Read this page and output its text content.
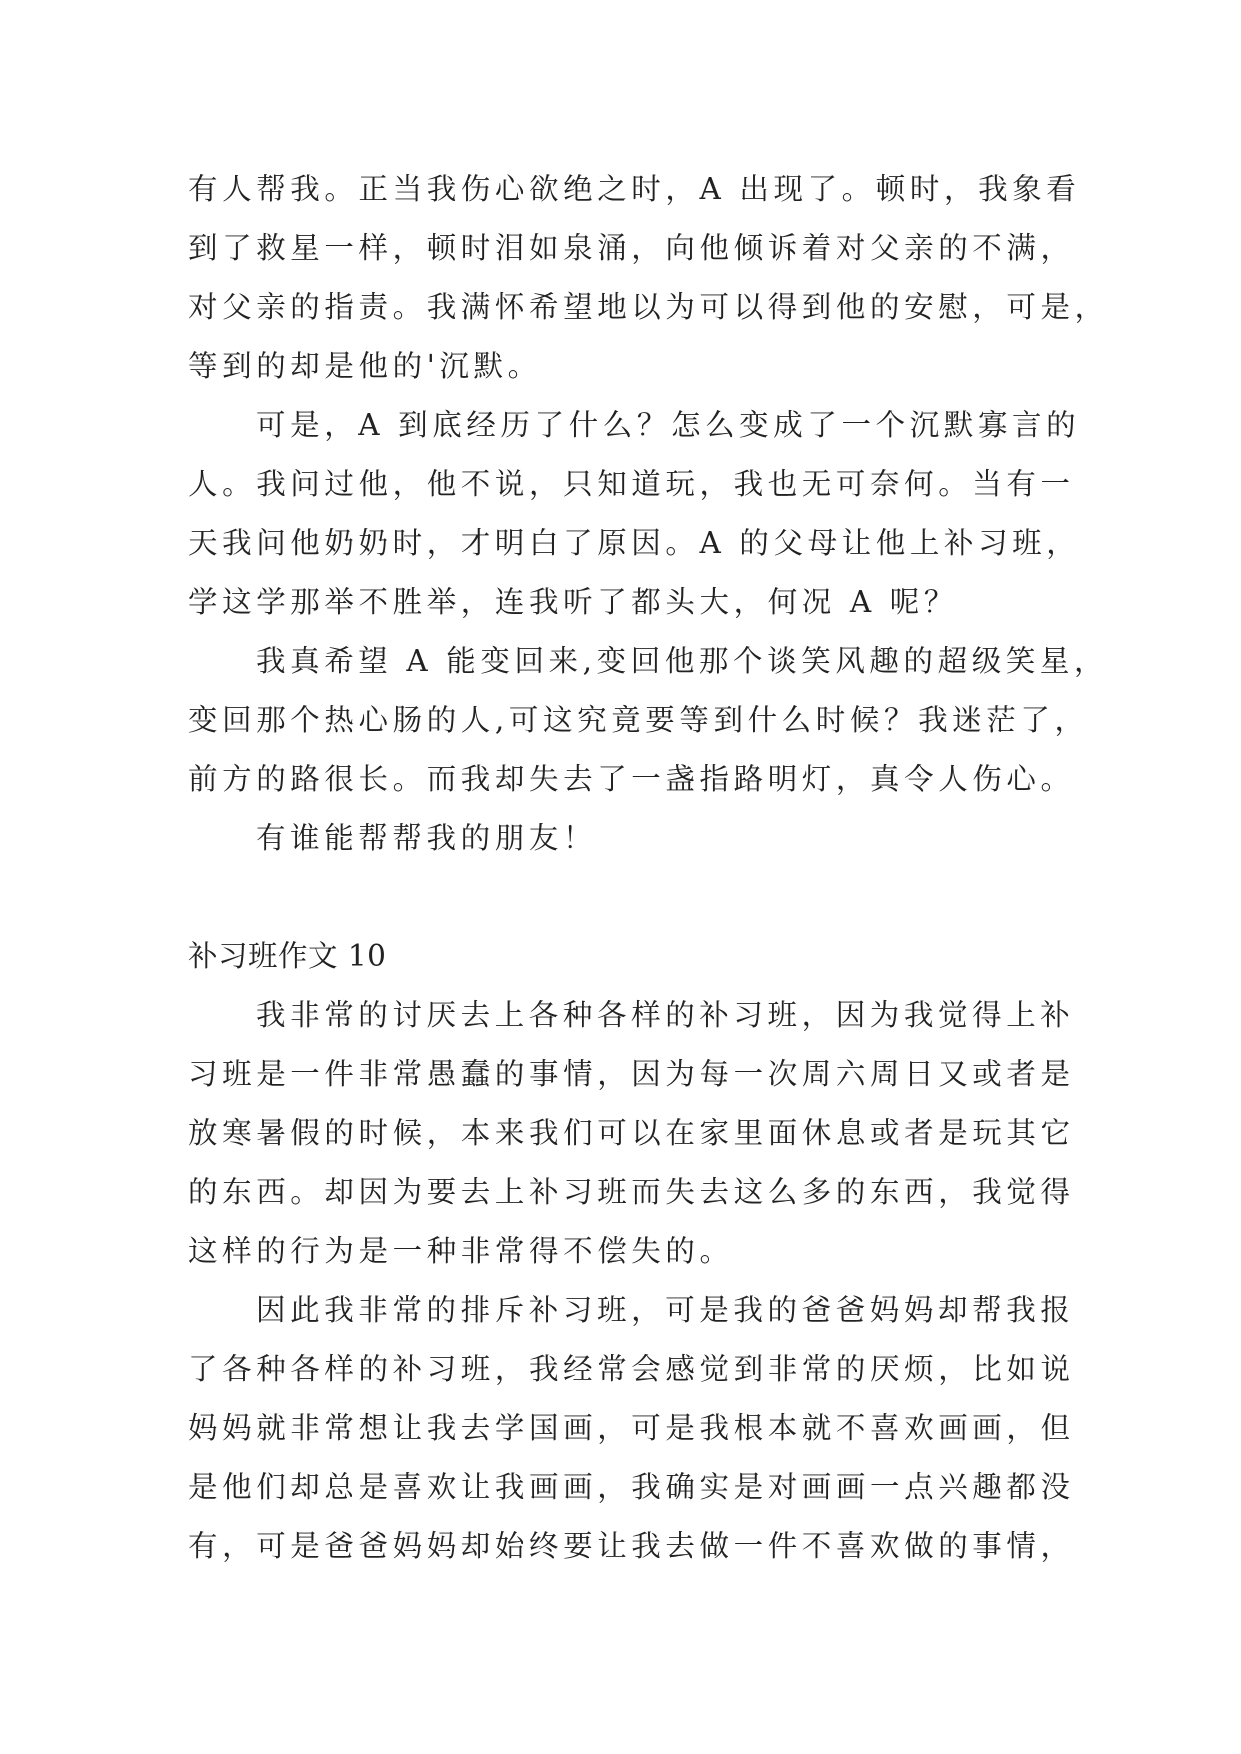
有人帮我。正当我伤心欲绝之时，A 出现了。顿时，我象看
到了救星一样，顿时泪如泉涌，向他倾诉着对父亲的不满，
对父亲的指责。我满怀希望地以为可以得到他的安慰，可是，
等到的却是他的'沉默。
可是，A 到底经历了什么？怎么变成了一个沉默寡言的
人。我问过他，他不说，只知道玩，我也无可奈何。当有一
天我问他奶奶时，才明白了原因。A 的父母让他上补习班，
学这学那举不胜举，连我听了都头大，何况 A 呢？
我真希望 A 能变回来,变回他那个谈笑风趣的超级笑星，
变回那个热心肠的人,可这究竟要等到什么时候？我迷茫了，
前方的路很长。而我却失去了一盏指路明灯，真令人伤心。
有谁能帮帮我的朋友！
补习班作文 10
我非常的讨厌去上各种各样的补习班，因为我觉得上补
习班是一件非常愚蠢的事情，因为每一次周六周日又或者是
放寒暑假的时候，本来我们可以在家里面休息或者是玩其它
的东西。却因为要去上补习班而失去这么多的东西，我觉得
这样的行为是一种非常得不偿失的。
因此我非常的排斥补习班，可是我的爸爸妈妈却帮我报
了各种各样的补习班，我经常会感觉到非常的厌烦，比如说
妈妈就非常想让我去学国画，可是我根本就不喜欢画画，但
是他们却总是喜欢让我画画，我确实是对画画一点兴趣都没
有，可是爸爸妈妈却始终要让我去做一件不喜欢做的事情，
